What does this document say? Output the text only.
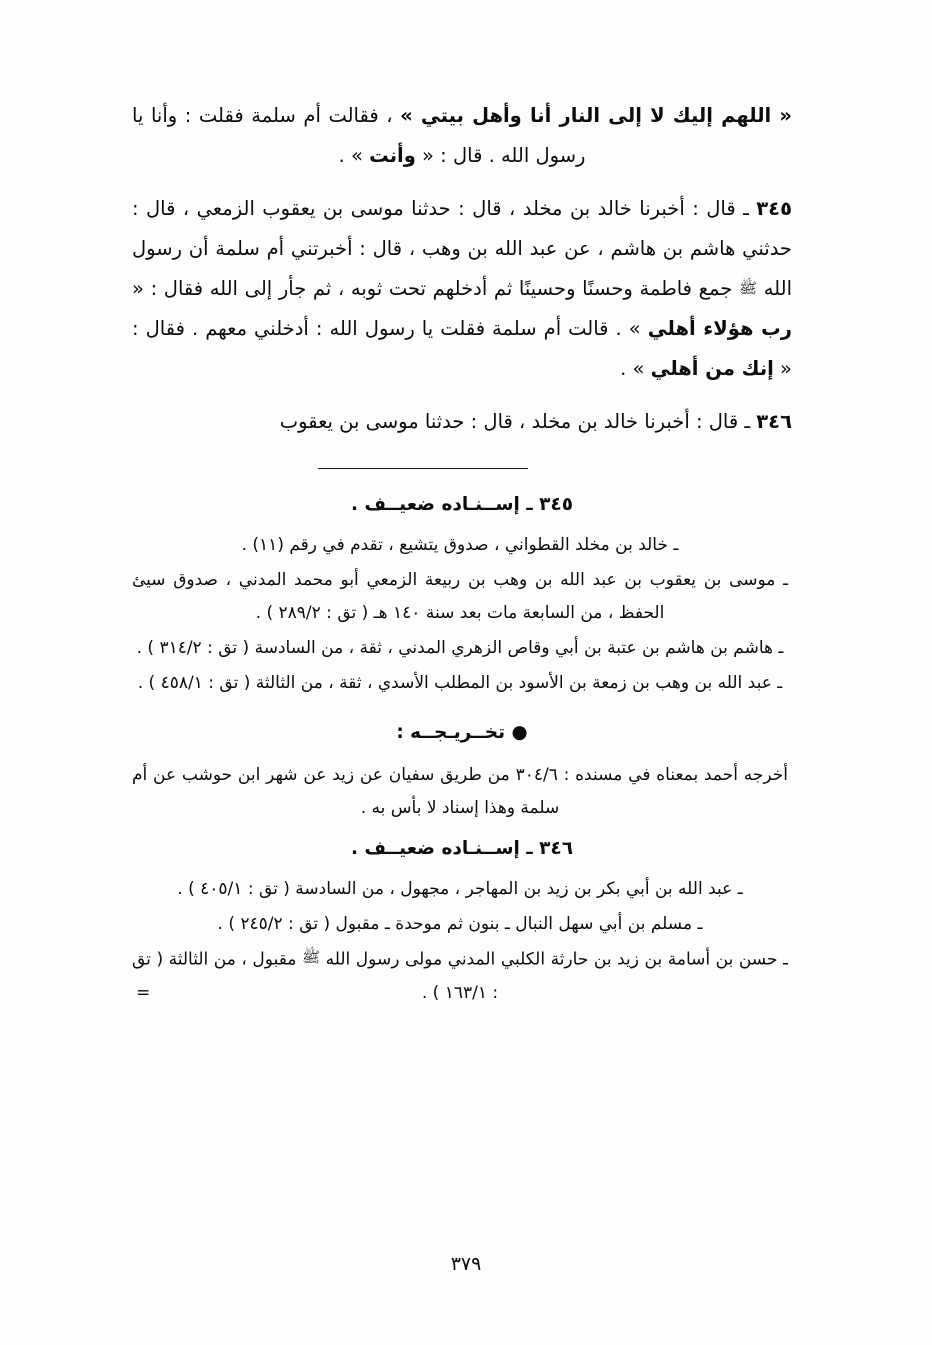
« اللهم إليك لا إلى النار أنا وأهل بيتي » ، فقالت أم سلمة فقلت : وأنا يا رسول الله . قال : « وأنت » .
٣٤٥ ـ قال : أخبرنا خالد بن مخلد ، قال : حدثنا موسى بن يعقوب الزمعي ، قال : حدثني هاشم بن هاشم ، عن عبد الله بن وهب ، قال : أخبرتني أم سلمة أن رسول الله ﷺ جمع فاطمة وحسنًا وحسينًا ثم أدخلهم تحت ثوبه ، ثم جأر إلى الله فقال : « رب هؤلاء أهلي » . قالت أم سلمة فقلت يا رسول الله : أدخلني معهم . فقال : « إنك من أهلي » .
٣٤٦ ـ قال : أخبرنا خالد بن مخلد ، قال : حدثنا موسى بن يعقوب
٣٤٥ ـ إســنـاده ضعيــف .
ـ خالد بن مخلد القطواني ، صدوق يتشيع ، تقدم في رقم (١١) .
ـ موسى بن يعقوب بن عبد الله بن وهب بن ربيعة الزمعي أبو محمد المدني ، صدوق سيئ الحفظ ، من السابعة مات بعد سنة ١٤٠ هـ ( تق : ٢٨٩/٢ ) .
ـ هاشم بن هاشم بن عتبة بن أبي وقاص الزهري المدني ، ثقة ، من السادسة ( تق : ٣١٤/٢ ) .
ـ عبد الله بن وهب بن زمعة بن الأسود بن المطلب الأسدي ، ثقة ، من الثالثة ( تق : ٤٥٨/١ ) .
● تخــريـجــه :
أخرجه أحمد بمعناه في مسنده : ٣٠٤/٦ من طريق سفيان عن زيد عن شهر ابن حوشب عن أم سلمة وهذا إسناد لا بأس به .
٣٤٦ ـ إســنـاده ضعيــف .
ـ عبد الله بن أبي بكر بن زيد بن المهاجر ، مجهول ، من السادسة ( تق : ٤٠٥/١ ) .
ـ مسلم بن أبي سهل النبال ـ بنون ثم موحدة ـ مقبول ( تق : ٢٤٥/٢ ) .
ـ حسن بن أسامة بن زيد بن حارثة الكلبي المدني مولى رسول الله ﷺ مقبول ، من الثالثة ( تق : ١٦٣/١ ) .
=
٣٧٩
